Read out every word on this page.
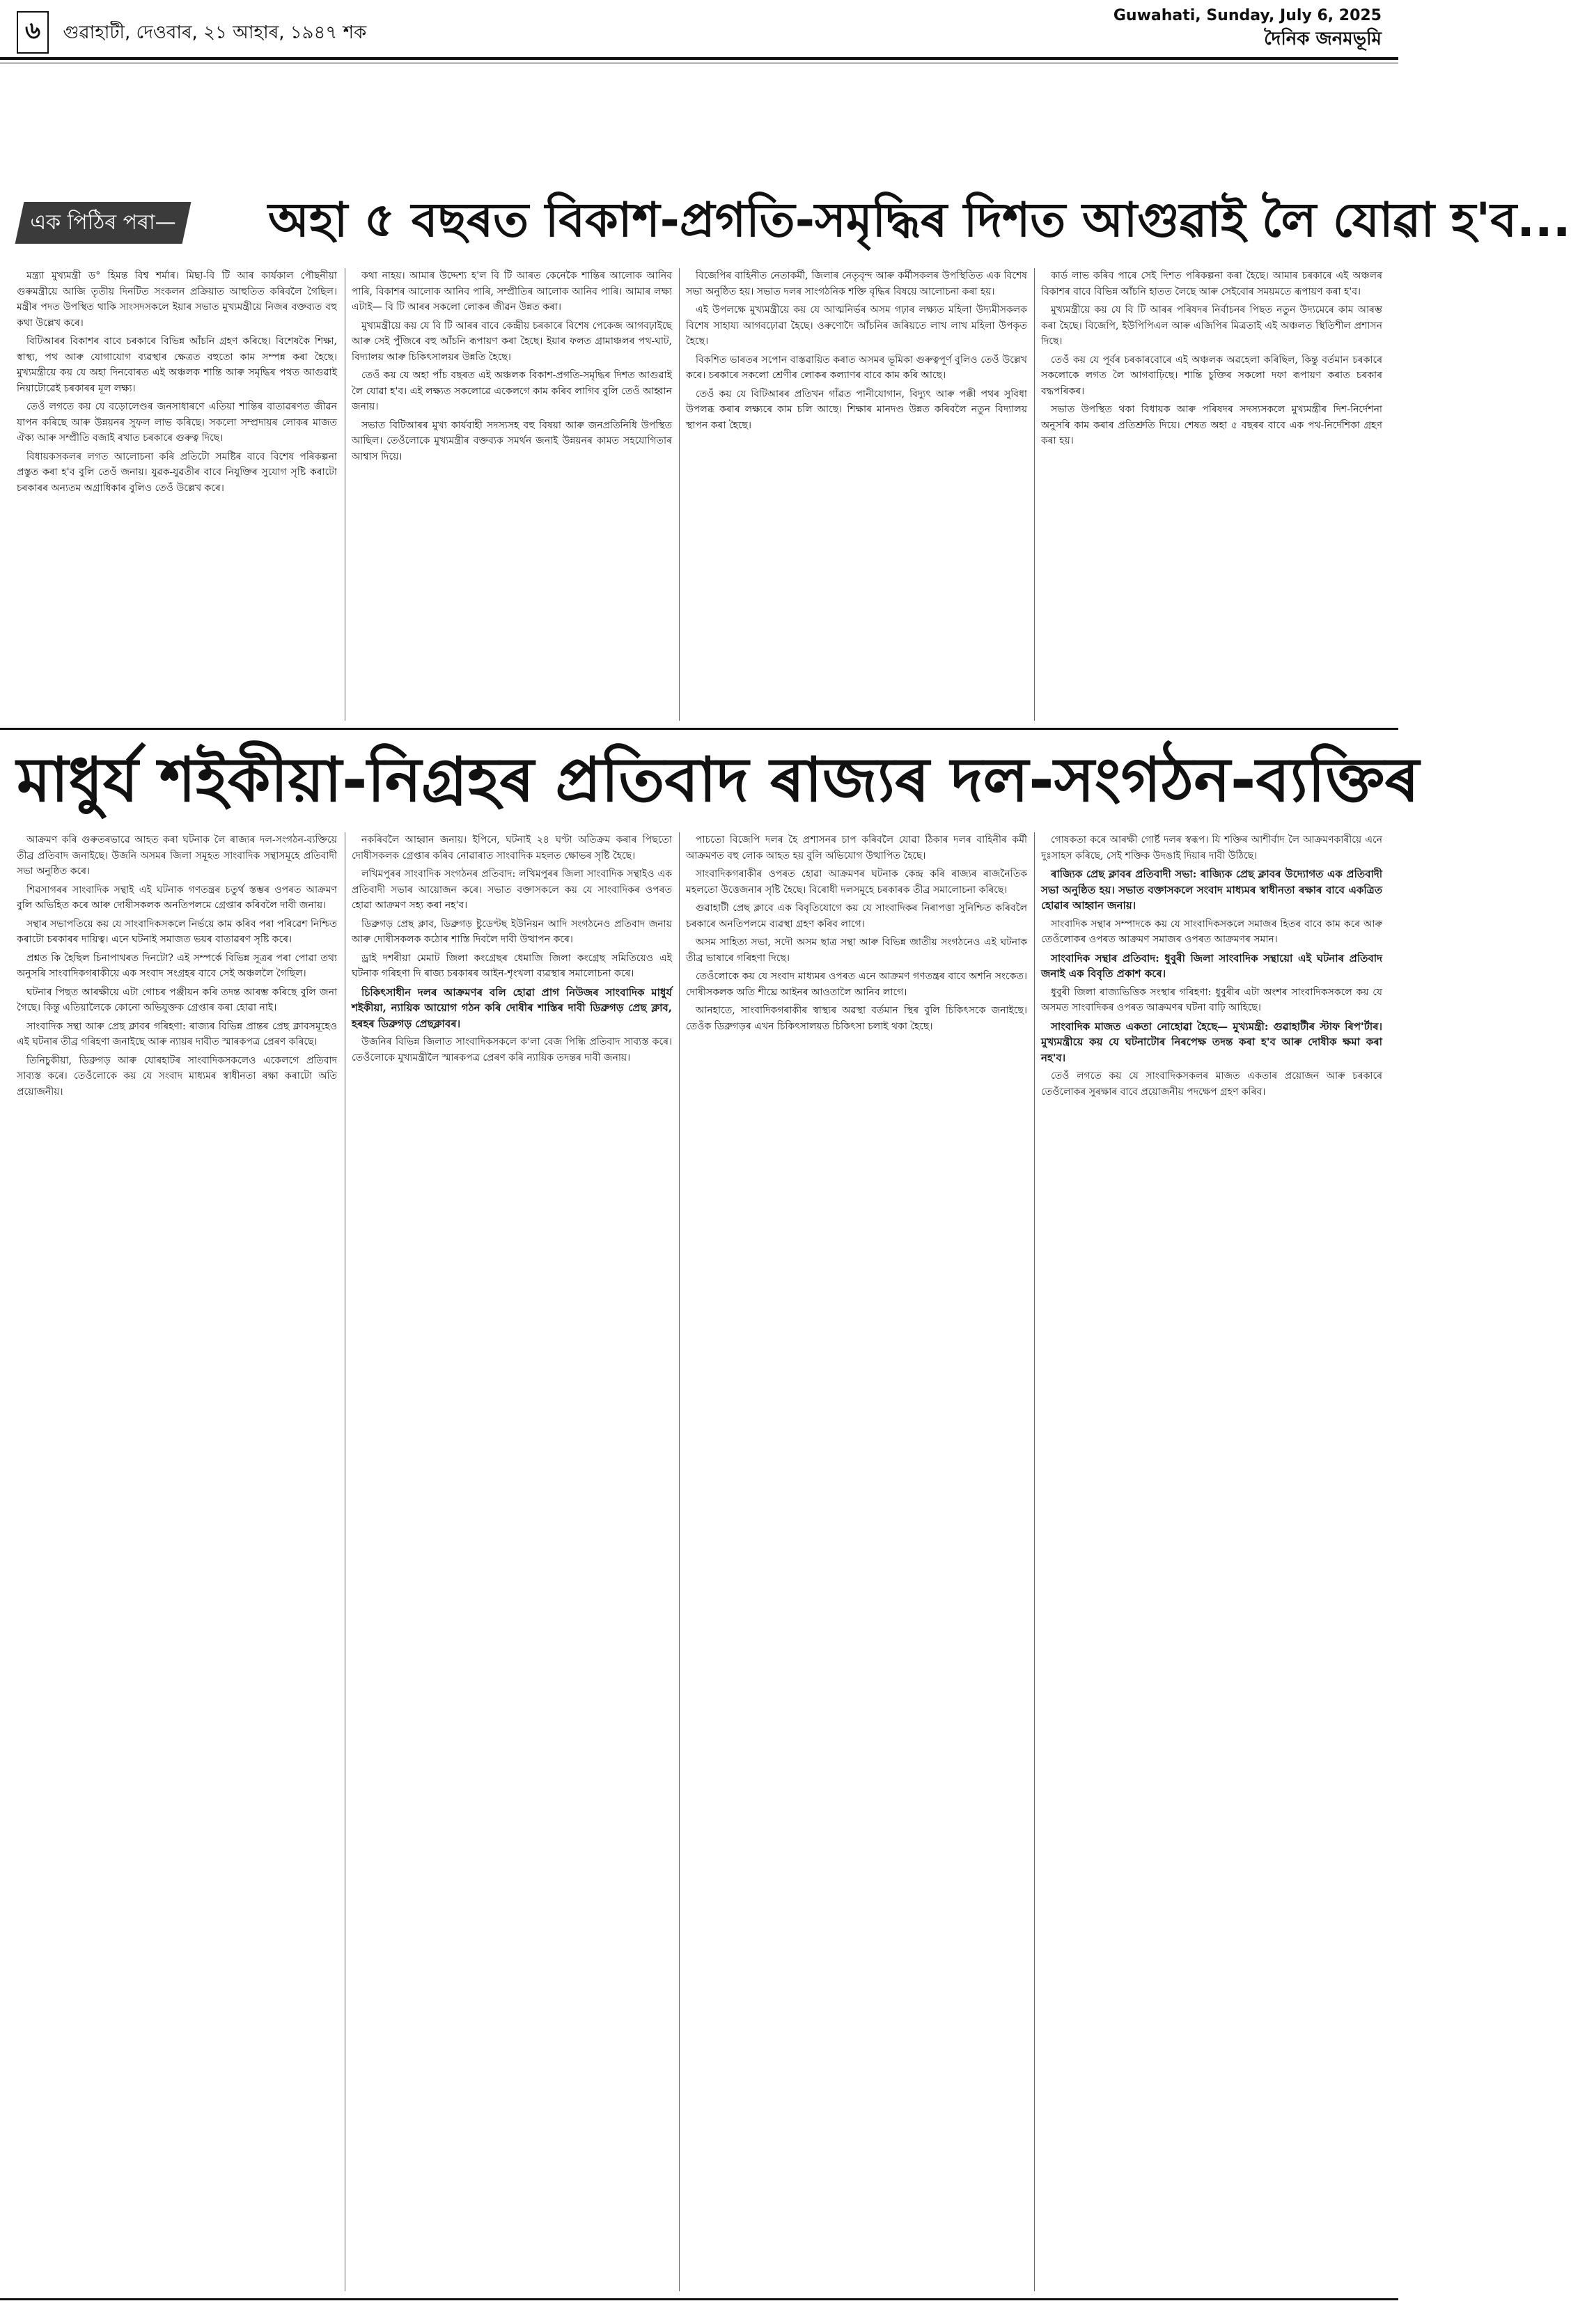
৬ গুৱাহাটী, দেওবাৰ, ২১ আহাৰ, ১৯৪৭ শক
Guwahati, Sunday, July 6, 2025
দৈনিক জনমভূমি
এক পিঠিৰ পৰা— অহা ৫ বছৰত বিকাশ-প্ৰগতি-সমৃদ্ধিৰ দিশত আগুৱাই লৈ যোৱা হ'ব...

মন্ত্ৰ্যা মুখ্যমন্ত্ৰী ড° হিমন্ত বিশ্ব শৰ্মাৰ। মিছা-বি টি আৰ কাৰ্যকাল পৌছনীয়া গুৰুমন্ত্ৰীয়ে আজি তৃতীয় দিনটিত সংকলন প্ৰক্ৰিয়াত আহুতিত কৰিবলৈ গৈছিল। মন্ত্ৰীৰ পদত উপস্থিত থাকি সাংসদসকলে ইয়াৰ সভাত মুখ্যমন্ত্ৰীয়ে নিজৰ বক্তব্যত বহু কথা উল্লেখ কৰে।

বিটিআৰৰ বিকাশৰ বাবে চৰকাৰে বিভিন্ন আঁচনি গ্ৰহণ কৰিছে। বিশেষকৈ শিক্ষা, স্বাস্থ্য, পথ আৰু যোগাযোগ ব্যৱস্থাৰ ক্ষেত্ৰত বহুতো কাম সম্পন্ন কৰা হৈছে। মুখ্যমন্ত্ৰীয়ে কয় যে অহা দিনবোৰত এই অঞ্চলক শান্তি আৰু সমৃদ্ধিৰ পথত আগুৱাই নিয়াটোৱেই চৰকাৰৰ মূল লক্ষ্য।

তেওঁ লগতে কয় যে বড়োলেণ্ডৰ জনসাধাৰণে এতিয়া শান্তিৰ বাতাৱৰণত জীৱন যাপন কৰিছে আৰু উন্নয়নৰ সুফল লাভ কৰিছে। সকলো সম্প্ৰদায়ৰ লোকৰ মাজত ঐক্য আৰু সম্প্ৰীতি বজাই ৰখাত চৰকাৰে গুৰুত্ব দিছে।

বিধায়কসকলৰ লগত আলোচনা কৰি প্ৰতিটো সমষ্টিৰ বাবে বিশেষ পৰিকল্পনা প্ৰস্তুত কৰা হ'ব বুলি তেওঁ জনায়। যুৱক-যুৱতীৰ বাবে নিযুক্তিৰ সুযোগ সৃষ্টি কৰাটো চৰকাৰৰ অন্যতম অগ্ৰাধিকাৰ বুলিও তেওঁ উল্লেখ কৰে।

কথা নাহয়। আমাৰ উদ্দেশ্য হ'ল বি টি আৰত কেনেকৈ শান্তিৰ আলোক আনিব পাৰি, বিকাশৰ আলোক আনিব পাৰি, সম্প্ৰীতিৰ আলোক আনিব পাৰি। আমাৰ লক্ষ্য এটাই— বি টি আৰৰ সকলো লোকৰ জীৱন উন্নত কৰা।

মুখ্যমন্ত্ৰীয়ে কয় যে বি টি আৰৰ বাবে কেন্দ্ৰীয় চৰকাৰে বিশেষ পেকেজ আগবঢ়াইছে আৰু সেই পুঁজিৰে বহু আঁচনি ৰূপায়ণ কৰা হৈছে। ইয়াৰ ফলত গ্ৰামাঞ্চলৰ পথ-ঘাট, বিদ্যালয় আৰু চিকিৎসালয়ৰ উন্নতি হৈছে।

তেওঁ কয় যে অহা পাঁচ বছৰত এই অঞ্চলক বিকাশ-প্ৰগতি-সমৃদ্ধিৰ দিশত আগুৱাই লৈ যোৱা হ'ব। এই লক্ষ্যত সকলোৱে একেলগে কাম কৰিব লাগিব বুলি তেওঁ আহ্বান জনায়।

সভাত বিটিআৰৰ মুখ্য কাৰ্যবাহী সদস্যসহ বহু বিষয়া আৰু জনপ্ৰতিনিধি উপস্থিত আছিল। তেওঁলোকে মুখ্যমন্ত্ৰীৰ বক্তব্যক সমৰ্থন জনাই উন্নয়নৰ কামত সহযোগিতাৰ আশ্বাস দিয়ে।

বিজেপিৰ বাহিনীত নেতাকৰ্মী, জিলাৰ নেতৃবৃন্দ আৰু কৰ্মীসকলৰ উপস্থিতিত এক বিশেষ সভা অনুষ্ঠিত হয়। সভাত দলৰ সাংগঠনিক শক্তি বৃদ্ধিৰ বিষয়ে আলোচনা কৰা হয়।

এই উপলক্ষে মুখ্যমন্ত্ৰীয়ে কয় যে আত্মনিৰ্ভৰ অসম গঢ়াৰ লক্ষ্যত মহিলা উদ্যমীসকলক বিশেষ সাহায্য আগবঢ়োৱা হৈছে। ওৰুণোদৈ আঁচনিৰ জৰিয়তে লাখ লাখ মহিলা উপকৃত হৈছে।

বিকশিত ভাৰতৰ সপোন বাস্তৱায়িত কৰাত অসমৰ ভূমিকা গুৰুত্বপূৰ্ণ বুলিও তেওঁ উল্লেখ কৰে। চৰকাৰে সকলো শ্ৰেণীৰ লোকৰ কল্যাণৰ বাবে কাম কৰি আছে।

তেওঁ কয় যে বিটিআৰৰ প্ৰতিখন গাঁৱত পানীযোগান, বিদ্যুৎ আৰু পক্কী পথৰ সুবিধা উপলব্ধ কৰাৰ লক্ষ্যৰে কাম চলি আছে। শিক্ষাৰ মানদণ্ড উন্নত কৰিবলৈ নতুন বিদ্যালয় স্থাপন কৰা হৈছে।

কাৰ্ড লাভ কৰিব পাৰে সেই দিশত পৰিকল্পনা কৰা হৈছে। আমাৰ চৰকাৰে এই অঞ্চলৰ বিকাশৰ বাবে বিভিন্ন আঁচনি হাতত লৈছে আৰু সেইবোৰ সময়মতে ৰূপায়ণ কৰা হ'ব।

মুখ্যমন্ত্ৰীয়ে কয় যে বি টি আৰৰ পৰিষদৰ নিৰ্বাচনৰ পিছত নতুন উদ্যমেৰে কাম আৰম্ভ কৰা হৈছে। বিজেপি, ইউপিপিএল আৰু এজিপিৰ মিত্ৰতাই এই অঞ্চলত স্থিতিশীল প্ৰশাসন দিছে।

তেওঁ কয় যে পূৰ্বৰ চৰকাৰবোৰে এই অঞ্চলক অৱহেলা কৰিছিল, কিন্তু বৰ্তমান চৰকাৰে সকলোকে লগত লৈ আগবাঢ়িছে। শান্তি চুক্তিৰ সকলো দফা ৰূপায়ণ কৰাত চৰকাৰ বদ্ধপৰিকৰ।

সভাত উপস্থিত থকা বিধায়ক আৰু পৰিষদৰ সদস্যসকলে মুখ্যমন্ত্ৰীৰ দিশ-নিৰ্দেশনা অনুসৰি কাম কৰাৰ প্ৰতিশ্ৰুতি দিয়ে। শেষত অহা ৫ বছৰৰ বাবে এক পথ-নিৰ্দেশিকা গ্ৰহণ কৰা হয়।

মাধুৰ্য শইকীয়া-নিগ্ৰহৰ প্ৰতিবাদ ৰাজ্যৰ দল-সংগঠন-ব্যক্তিৰ

আক্ৰমণ কৰি গুৰুতৰভাৱে আহত কৰা ঘটনাক লৈ ৰাজ্যৰ দল-সংগঠন-ব্যক্তিয়ে তীব্ৰ প্ৰতিবাদ জনাইছে। উজনি অসমৰ জিলা সমূহত সাংবাদিক সন্থাসমূহে প্ৰতিবাদী সভা অনুষ্ঠিত কৰে।

শিৱসাগৰৰ সাংবাদিক সন্থাই এই ঘটনাক গণতন্ত্ৰৰ চতুৰ্থ স্তম্ভৰ ওপৰত আক্ৰমণ বুলি অভিহিত কৰে আৰু দোষীসকলক অনতিপলমে গ্ৰেপ্তাৰ কৰিবলৈ দাবী জনায়।

সন্থাৰ সভাপতিয়ে কয় যে সাংবাদিকসকলে নিৰ্ভয়ে কাম কৰিব পৰা পৰিৱেশ নিশ্চিত কৰাটো চৰকাৰৰ দায়িত্ব। এনে ঘটনাই সমাজত ভয়ৰ বাতাৱৰণ সৃষ্টি কৰে।

প্ৰশ্নত কি হৈছিল চিনাপাথৰত দিনটো? এই সম্পৰ্কে বিভিন্ন সূত্ৰৰ পৰা পোৱা তথ্য অনুসৰি সাংবাদিকগৰাকীয়ে এক সংবাদ সংগ্ৰহৰ বাবে সেই অঞ্চললৈ গৈছিল।

ঘটনাৰ পিছত আৰক্ষীয়ে এটা গোচৰ পঞ্জীয়ন কৰি তদন্ত আৰম্ভ কৰিছে বুলি জনা গৈছে। কিন্তু এতিয়ালৈকে কোনো অভিযুক্তক গ্ৰেপ্তাৰ কৰা হোৱা নাই।

সাংবাদিক সন্থা আৰু প্ৰেছ ক্লাবৰ গৰিহণা: ৰাজ্যৰ বিভিন্ন প্ৰান্তৰ প্ৰেছ ক্লাবসমূহেও এই ঘটনাৰ তীব্ৰ গৰিহণা জনাইছে আৰু ন্যায়ৰ দাবীত স্মাৰকপত্ৰ প্ৰেৰণ কৰিছে।

তিনিচুকীয়া, ডিব্ৰুগড় আৰু যোৰহাটৰ সাংবাদিকসকলেও একেলগে প্ৰতিবাদ সাব্যস্ত কৰে। তেওঁলোকে কয় যে সংবাদ মাধ্যমৰ স্বাধীনতা ৰক্ষা কৰাটো অতি প্ৰয়োজনীয়।

নকৰিবলৈ আহ্বান জনায়। ইপিনে, ঘটনাই ২৪ ঘণ্টা অতিক্ৰম কৰাৰ পিছতো দোষীসকলক গ্ৰেপ্তাৰ কৰিব নোৱাৰাত সাংবাদিক মহলত ক্ষোভৰ সৃষ্টি হৈছে।

লখিমপুৰৰ সাংবাদিক সংগঠনৰ প্ৰতিবাদ: লখিমপুৰৰ জিলা সাংবাদিক সন্থাইও এক প্ৰতিবাদী সভাৰ আয়োজন কৰে। সভাত বক্তাসকলে কয় যে সাংবাদিকৰ ওপৰত হোৱা আক্ৰমণ সহ্য কৰা নহ'ব।

ডিব্ৰুগড় প্ৰেছ ক্লাব, ডিব্ৰুগড় ষ্টুডেণ্টছ ইউনিয়ন আদি সংগঠনেও প্ৰতিবাদ জনায় আৰু দোষীসকলক কঠোৰ শাস্তি দিবলৈ দাবী উত্থাপন কৰে।

ড্ৰাই দশৰীয়া মেমাট জিলা কংগ্ৰেছৰ ধেমাজি জিলা কংগ্ৰেছ সমিতিয়েও এই ঘটনাক গৰিহণা দি ৰাজ্য চৰকাৰৰ আইন-শৃংখলা ব্যৱস্থাৰ সমালোচনা কৰে।

চিকিৎসাধীন দলৰ আক্ৰমণৰ বলি হোৱা প্ৰাগ নিউজৰ সাংবাদিক মাধুৰ্য শইকীয়া, ন্যায়িক আয়োগ গঠন কৰি দোষীৰ শাস্তিৰ দাবী ডিব্ৰুগড় প্ৰেছ ক্লাব, হৰহৰ ডিব্ৰুগড় প্ৰেছক্লাবৰ।

উজনিৰ বিভিন্ন জিলাত সাংবাদিকসকলে ক'লা বেজ পিন্ধি প্ৰতিবাদ সাব্যস্ত কৰে। তেওঁলোকে মুখ্যমন্ত্ৰীলৈ স্মাৰকপত্ৰ প্ৰেৰণ কৰি ন্যায়িক তদন্তৰ দাবী জনায়।

পাচতো বিজেপি দলৰ হৈ প্ৰশাসনৰ চাপ কৰিবলৈ যোৱা ঠিকাৰ দলৰ বাহিনীৰ কৰ্মী আক্ৰমণত বহু লোক আহত হয় বুলি অভিযোগ উত্থাপিত হৈছে।

সাংবাদিকগৰাকীৰ ওপৰত হোৱা আক্ৰমণৰ ঘটনাক কেন্দ্ৰ কৰি ৰাজ্যৰ ৰাজনৈতিক মহলতো উত্তেজনাৰ সৃষ্টি হৈছে। বিৰোধী দলসমূহে চৰকাৰক তীব্ৰ সমালোচনা কৰিছে।

গুৱাহাটী প্ৰেছ ক্লাবে এক বিবৃতিযোগে কয় যে সাংবাদিকৰ নিৰাপত্তা সুনিশ্চিত কৰিবলৈ চৰকাৰে অনতিপলমে ব্যৱস্থা গ্ৰহণ কৰিব লাগে।

অসম সাহিত্য সভা, সদৌ অসম ছাত্ৰ সন্থা আৰু বিভিন্ন জাতীয় সংগঠনেও এই ঘটনাক তীব্ৰ ভাষাৰে গৰিহণা দিছে।

তেওঁলোকে কয় যে সংবাদ মাধ্যমৰ ওপৰত এনে আক্ৰমণ গণতন্ত্ৰৰ বাবে অশনি সংকেত। দোষীসকলক অতি শীঘ্ৰে আইনৰ আওতালৈ আনিব লাগে।

আনহাতে, সাংবাদিকগৰাকীৰ স্বাস্থ্যৰ অৱস্থা বৰ্তমান স্থিৰ বুলি চিকিৎসকে জনাইছে। তেওঁক ডিব্ৰুগড়ৰ এখন চিকিৎসালয়ত চিকিৎসা চলাই থকা হৈছে।

গোষকতা কৰে আৰক্ষী গোৰ্ষ্ট দলৰ স্বৰূপ। যি শক্তিৰ আশীৰ্বাদ লৈ আক্ৰমণকাৰীয়ে এনে দুঃসাহস কৰিছে, সেই শক্তিক উদঙাই দিয়াৰ দাবী উঠিছে।

ৰাজ্যিক প্ৰেছ ক্লাবৰ প্ৰতিবাদী সভা: ৰাজ্যিক প্ৰেছ ক্লাবৰ উদ্যোগত এক প্ৰতিবাদী সভা অনুষ্ঠিত হয়। সভাত বক্তাসকলে সংবাদ মাধ্যমৰ স্বাধীনতা ৰক্ষাৰ বাবে একত্ৰিত হোৱাৰ আহ্বান জনায়।

সাংবাদিক সন্থাৰ সম্পাদকে কয় যে সাংবাদিকসকলে সমাজৰ হিতৰ বাবে কাম কৰে আৰু তেওঁলোকৰ ওপৰত আক্ৰমণ সমাজৰ ওপৰত আক্ৰমণৰ সমান।

সাংবাদিক সন্থাৰ প্ৰতিবাদ: ধুবুৰী জিলা সাংবাদিক সন্থায়ো এই ঘটনাৰ প্ৰতিবাদ জনাই এক বিবৃতি প্ৰকাশ কৰে।

ধুবুৰী জিলা ৰাজ্যভিত্তিক সংস্থাৰ গৰিহণা: ধুবুৰীৰ এটা অংশৰ সাংবাদিকসকলে কয় যে অসমত সাংবাদিকৰ ওপৰত আক্ৰমণৰ ঘটনা বাঢ়ি আহিছে।

সাংবাদিক মাজত একতা নোহোৱা হৈছে— মুখ্যমন্ত্ৰী: গুৱাহাটীৰ স্টাফ ৰিপ'ৰ্টাৰ। মুখ্যমন্ত্ৰীয়ে কয় যে ঘটনাটোৰ নিৰপেক্ষ তদন্ত কৰা হ'ব আৰু দোষীক ক্ষমা কৰা নহ'ব।

তেওঁ লগতে কয় যে সাংবাদিকসকলৰ মাজত একতাৰ প্ৰয়োজন আৰু চৰকাৰে তেওঁলোকৰ সুৰক্ষাৰ বাবে প্ৰয়োজনীয় পদক্ষেপ গ্ৰহণ কৰিব।
